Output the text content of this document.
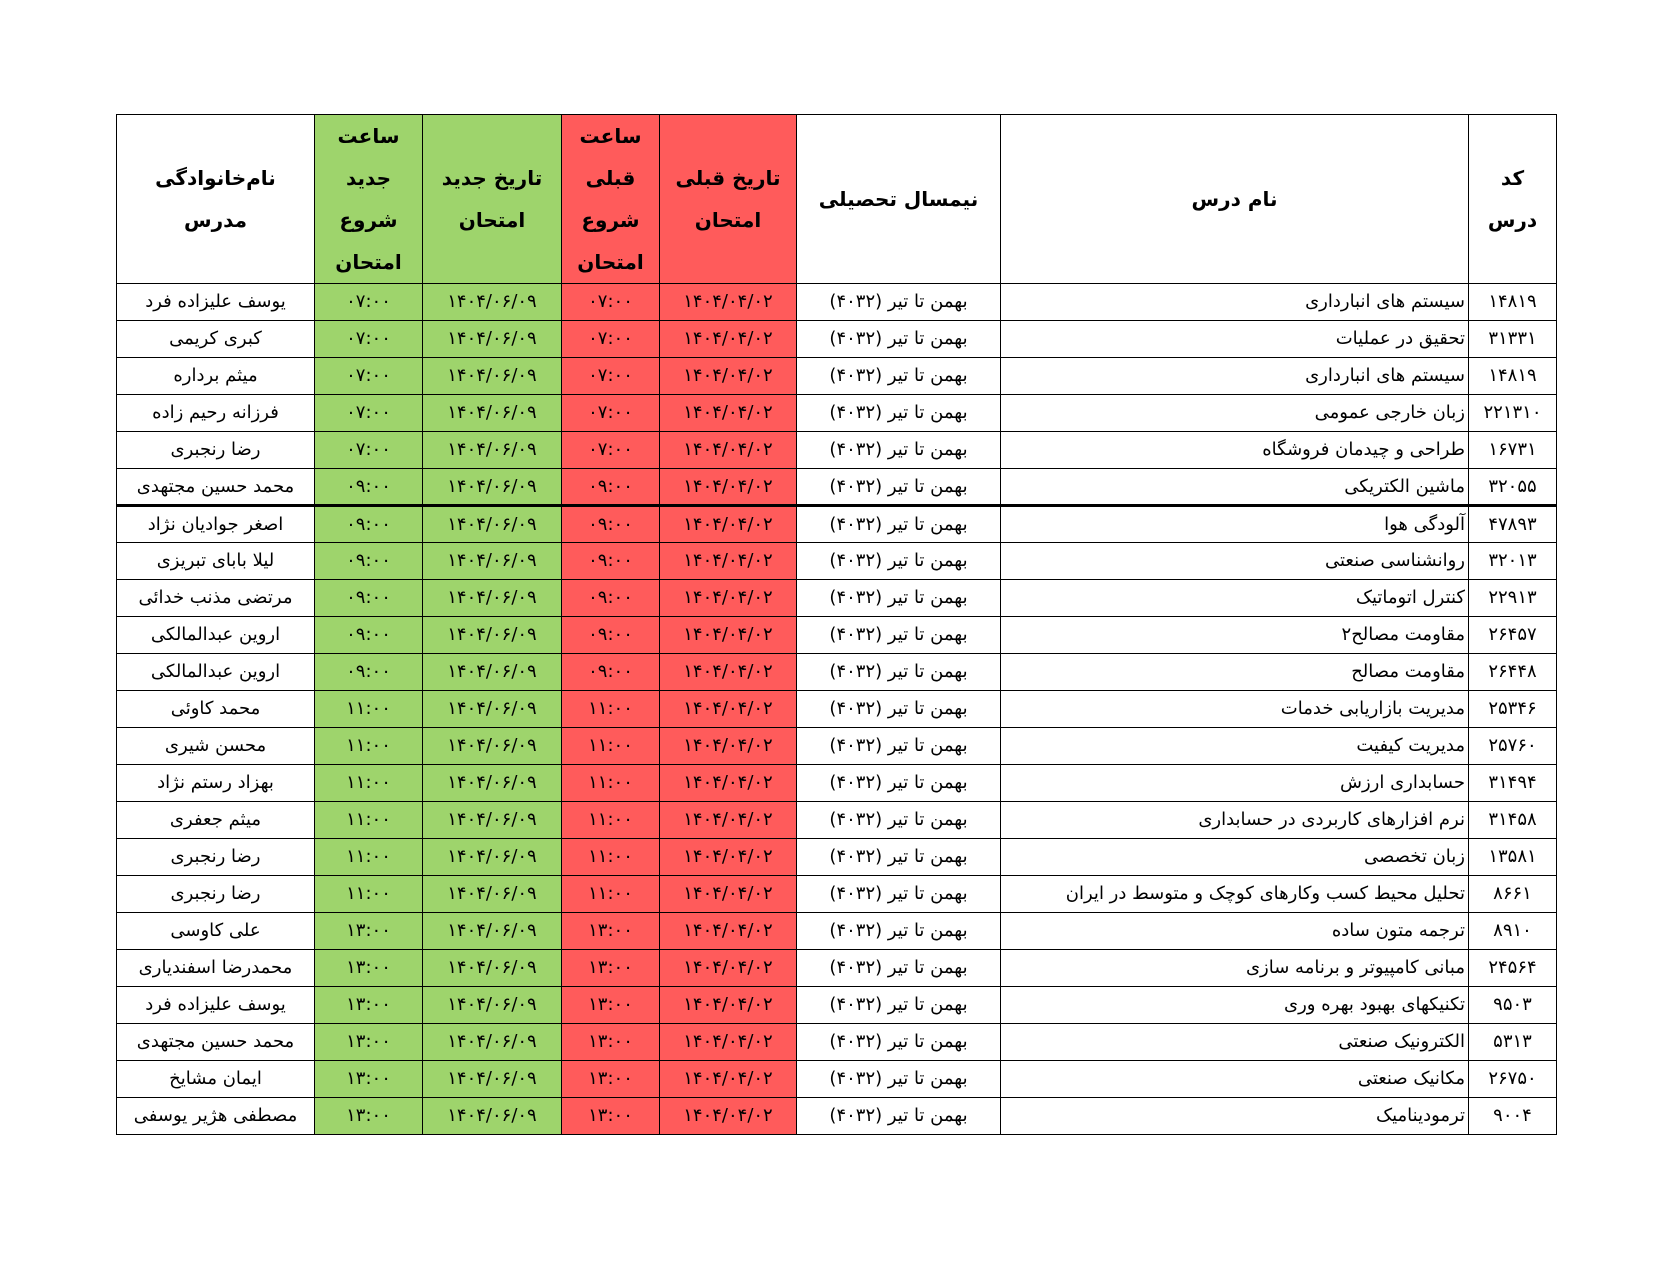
کد درس	نام درس	نیمسال تحصیلی	تاریخ قبلی امتحان	ساعت قبلی شروع امتحان	تاریخ جدید امتحان	ساعت جدید شروع امتحان	نام‌خانوادگی مدرس
۱۴۸۱۹	سیستم های انبارداری	بهمن تا تیر (۴۰۳۲)	۱۴۰۴/۰۴/۰۲	۰۷:۰۰	۱۴۰۴/۰۶/۰۹	۰۷:۰۰	یوسف علیزاده فرد
۳۱۳۳۱	تحقیق در عملیات	بهمن تا تیر (۴۰۳۲)	۱۴۰۴/۰۴/۰۲	۰۷:۰۰	۱۴۰۴/۰۶/۰۹	۰۷:۰۰	کبری کریمی
۱۴۸۱۹	سیستم های انبارداری	بهمن تا تیر (۴۰۳۲)	۱۴۰۴/۰۴/۰۲	۰۷:۰۰	۱۴۰۴/۰۶/۰۹	۰۷:۰۰	میثم برداره
۲۲۱۳۱۰	زبان خارجی عمومی	بهمن تا تیر (۴۰۳۲)	۱۴۰۴/۰۴/۰۲	۰۷:۰۰	۱۴۰۴/۰۶/۰۹	۰۷:۰۰	فرزانه رحیم زاده
۱۶۷۳۱	طراحی و چیدمان فروشگاه	بهمن تا تیر (۴۰۳۲)	۱۴۰۴/۰۴/۰۲	۰۷:۰۰	۱۴۰۴/۰۶/۰۹	۰۷:۰۰	رضا رنجبری
۳۲۰۵۵	ماشین الکتریکی	بهمن تا تیر (۴۰۳۲)	۱۴۰۴/۰۴/۰۲	۰۹:۰۰	۱۴۰۴/۰۶/۰۹	۰۹:۰۰	محمد حسین مجتهدی
۴۷۸۹۳	آلودگی هوا	بهمن تا تیر (۴۰۳۲)	۱۴۰۴/۰۴/۰۲	۰۹:۰۰	۱۴۰۴/۰۶/۰۹	۰۹:۰۰	اصغر جوادیان نژاد
۳۲۰۱۳	روانشناسی صنعتی	بهمن تا تیر (۴۰۳۲)	۱۴۰۴/۰۴/۰۲	۰۹:۰۰	۱۴۰۴/۰۶/۰۹	۰۹:۰۰	لیلا بابای تبریزی
۲۲۹۱۳	کنترل اتوماتیک	بهمن تا تیر (۴۰۳۲)	۱۴۰۴/۰۴/۰۲	۰۹:۰۰	۱۴۰۴/۰۶/۰۹	۰۹:۰۰	مرتضی مذنب خدائی
۲۶۴۵۷	مقاومت مصالح۲	بهمن تا تیر (۴۰۳۲)	۱۴۰۴/۰۴/۰۲	۰۹:۰۰	۱۴۰۴/۰۶/۰۹	۰۹:۰۰	اروین عبدالمالکی
۲۶۴۴۸	مقاومت مصالح	بهمن تا تیر (۴۰۳۲)	۱۴۰۴/۰۴/۰۲	۰۹:۰۰	۱۴۰۴/۰۶/۰۹	۰۹:۰۰	اروین عبدالمالکی
۲۵۳۴۶	مدیریت بازاریابی خدمات	بهمن تا تیر (۴۰۳۲)	۱۴۰۴/۰۴/۰۲	۱۱:۰۰	۱۴۰۴/۰۶/۰۹	۱۱:۰۰	محمد کاوئی
۲۵۷۶۰	مدیریت کیفیت	بهمن تا تیر (۴۰۳۲)	۱۴۰۴/۰۴/۰۲	۱۱:۰۰	۱۴۰۴/۰۶/۰۹	۱۱:۰۰	محسن شیری
۳۱۴۹۴	حسابداری ارزش	بهمن تا تیر (۴۰۳۲)	۱۴۰۴/۰۴/۰۲	۱۱:۰۰	۱۴۰۴/۰۶/۰۹	۱۱:۰۰	بهزاد رستم نژاد
۳۱۴۵۸	نرم افزارهای کاربردی در حسابداری	بهمن تا تیر (۴۰۳۲)	۱۴۰۴/۰۴/۰۲	۱۱:۰۰	۱۴۰۴/۰۶/۰۹	۱۱:۰۰	میثم جعفری
۱۳۵۸۱	زبان تخصصی	بهمن تا تیر (۴۰۳۲)	۱۴۰۴/۰۴/۰۲	۱۱:۰۰	۱۴۰۴/۰۶/۰۹	۱۱:۰۰	رضا رنجبری
۸۶۶۱	تحلیل محیط کسب وکارهای کوچک و متوسط در ایران	بهمن تا تیر (۴۰۳۲)	۱۴۰۴/۰۴/۰۲	۱۱:۰۰	۱۴۰۴/۰۶/۰۹	۱۱:۰۰	رضا رنجبری
۸۹۱۰	ترجمه متون ساده	بهمن تا تیر (۴۰۳۲)	۱۴۰۴/۰۴/۰۲	۱۳:۰۰	۱۴۰۴/۰۶/۰۹	۱۳:۰۰	علی کاوسی
۲۴۵۶۴	مبانی کامپیوتر و برنامه سازی	بهمن تا تیر (۴۰۳۲)	۱۴۰۴/۰۴/۰۲	۱۳:۰۰	۱۴۰۴/۰۶/۰۹	۱۳:۰۰	محمدرضا اسفندیاری
۹۵۰۳	تکنیکهای بهبود بهره وری	بهمن تا تیر (۴۰۳۲)	۱۴۰۴/۰۴/۰۲	۱۳:۰۰	۱۴۰۴/۰۶/۰۹	۱۳:۰۰	یوسف علیزاده فرد
۵۳۱۳	الکترونیک صنعتی	بهمن تا تیر (۴۰۳۲)	۱۴۰۴/۰۴/۰۲	۱۳:۰۰	۱۴۰۴/۰۶/۰۹	۱۳:۰۰	محمد حسین مجتهدی
۲۶۷۵۰	مکانیک صنعتی	بهمن تا تیر (۴۰۳۲)	۱۴۰۴/۰۴/۰۲	۱۳:۰۰	۱۴۰۴/۰۶/۰۹	۱۳:۰۰	ایمان مشایخ
۹۰۰۴	ترمودینامیک	بهمن تا تیر (۴۰۳۲)	۱۴۰۴/۰۴/۰۲	۱۳:۰۰	۱۴۰۴/۰۶/۰۹	۱۳:۰۰	مصطفی هژیر یوسفی
